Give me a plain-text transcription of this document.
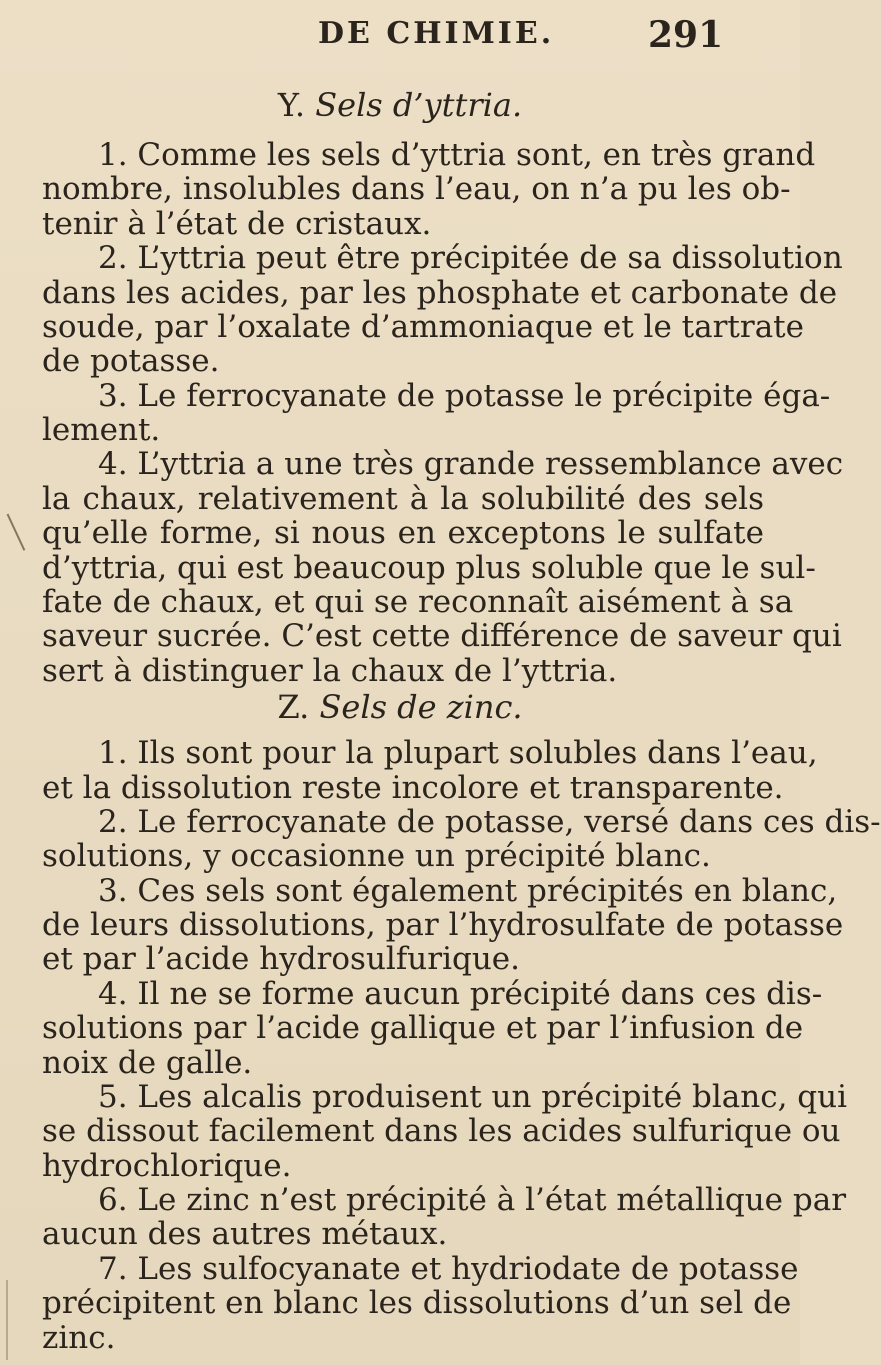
DE CHIMIE.	291
Y. Sels d’yttria.
1. Comme les sels d’yttria sont, en très grand
nombre, insolubles dans l’eau, on n’a pu les ob-
tenir à l’état de cristaux.
2. L’yttria peut être précipitée de sa dissolution
dans les acides, par les phosphate et carbonate de
soude, par l’oxalate d’ammoniaque et le tartrate
de potasse.
3. Le ferrocyanate de potasse le précipite éga-
lement.
4. L’yttria a une très grande ressemblance avec
la chaux, relativement à la solubilité des sels
qu’elle forme, si nous en exceptons le sulfate
d’yttria, qui est beaucoup plus soluble que le sul-
fate de chaux, et qui se reconnaît aisément à sa
saveur sucrée. C’est cette différence de saveur qui
sert à distinguer la chaux de l’yttria.
Z. Sels de zinc.
1. Ils sont pour la plupart solubles dans l’eau,
et la dissolution reste incolore et transparente.
2. Le ferrocyanate de potasse, versé dans ces dis-
solutions, y occasionne un précipité blanc.
3. Ces sels sont également précipités en blanc,
de leurs dissolutions, par l’hydrosulfate de potasse
et par l’acide hydrosulfurique.
4. Il ne se forme aucun précipité dans ces dis-
solutions par l’acide gallique et par l’infusion de
noix de galle.
5. Les alcalis produisent un précipité blanc, qui
se dissout facilement dans les acides sulfurique ou
hydrochlorique.
6. Le zinc n’est précipité à l’état métallique par
aucun des autres métaux.
7. Les sulfocyanate et hydriodate de potasse
précipitent en blanc les dissolutions d’un sel de
zinc.
